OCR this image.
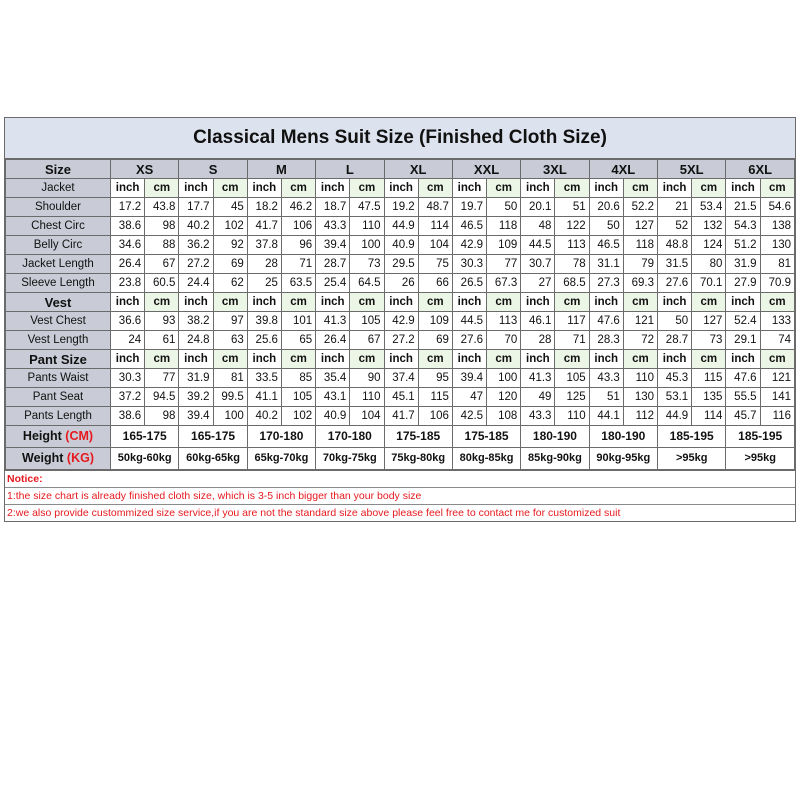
Classical Mens Suit Size (Finished Cloth Size)
Size	XS		S		M		L		XL		XXL		3XL		4XL		5XL		6XL	
Jacket	inch	cm	inch	cm	inch	cm	inch	cm	inch	cm	inch	cm	inch	cm	inch	cm	inch	cm	inch	cm
Shoulder	17.2	43.8	17.7	45	18.2	46.2	18.7	47.5	19.2	48.7	19.7	50	20.1	51	20.6	52.2	21	53.4	21.5	54.6
Chest Circ	38.6	98	40.2	102	41.7	106	43.3	110	44.9	114	46.5	118	48	122	50	127	52	132	54.3	138
Belly Circ	34.6	88	36.2	92	37.8	96	39.4	100	40.9	104	42.9	109	44.5	113	46.5	118	48.8	124	51.2	130
Jacket Length	26.4	67	27.2	69	28	71	28.7	73	29.5	75	30.3	77	30.7	78	31.1	79	31.5	80	31.9	81
Sleeve Length	23.8	60.5	24.4	62	25	63.5	25.4	64.5	26	66	26.5	67.3	27	68.5	27.3	69.3	27.6	70.1	27.9	70.9
Vest	inch	cm	inch	cm	inch	cm	inch	cm	inch	cm	inch	cm	inch	cm	inch	cm	inch	cm	inch	cm
Vest Chest	36.6	93	38.2	97	39.8	101	41.3	105	42.9	109	44.5	113	46.1	117	47.6	121	50	127	52.4	133
Vest Length	24	61	24.8	63	25.6	65	26.4	67	27.2	69	27.6	70	28	71	28.3	72	28.7	73	29.1	74
Pant Size	inch	cm	inch	cm	inch	cm	inch	cm	inch	cm	inch	cm	inch	cm	inch	cm	inch	cm	inch	cm
Pants Waist	30.3	77	31.9	81	33.5	85	35.4	90	37.4	95	39.4	100	41.3	105	43.3	110	45.3	115	47.6	121
Pant Seat	37.2	94.5	39.2	99.5	41.1	105	43.1	110	45.1	115	47	120	49	125	51	130	53.1	135	55.5	141
Pants Length	38.6	98	39.4	100	40.2	102	40.9	104	41.7	106	42.5	108	43.3	110	44.1	112	44.9	114	45.7	116
Height (CM)	165-175		165-175		170-180		170-180		175-185		175-185		180-190		180-190		185-195		185-195	
Weight (KG)	50kg-60kg		60kg-65kg		65kg-70kg		70kg-75kg		75kg-80kg		80kg-85kg		85kg-90kg		90kg-95kg		>95kg		>95kg	
Notice:
1:the size chart is already finished cloth size, which is 3-5 inch bigger than your body size
2:we also provide custommized size service,if you are not the standard size above please feel free to contact me for customized suit
